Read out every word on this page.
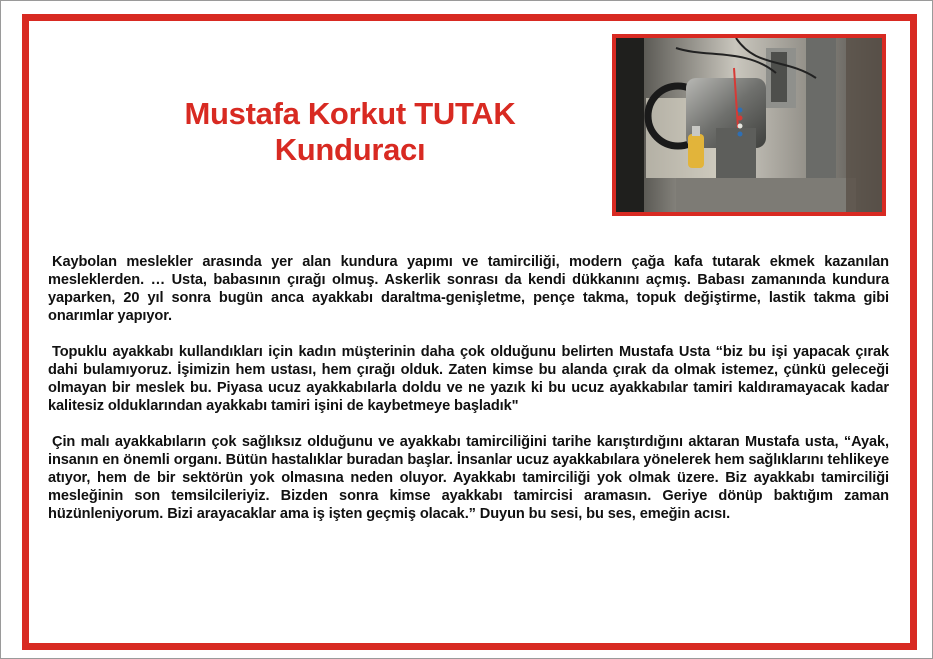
Mustafa Korkut TUTAK
Kunduracı

Kaybolan meslekler arasında yer alan kundura yapımı ve tamirciliği, modern çağa kafa tutarak ekmek kazanılan mesleklerden. … Usta, babasının çırağı olmuş. Askerlik sonrası da kendi dükkanını açmış. Babası zamanında kundura yaparken, 20 yıl sonra bugün anca ayakkabı daraltma-genişletme, pençe takma, topuk değiştirme, lastik takma gibi onarımlar yapıyor.

Topuklu ayakkabı kullandıkları için kadın müşterinin daha çok olduğunu belirten Mustafa Usta “biz bu işi yapacak çırak dahi bulamıyoruz. İşimizin hem ustası, hem çırağı olduk. Zaten kimse bu alanda çırak da olmak istemez, çünkü geleceği olmayan bir meslek bu. Piyasa ucuz ayakkabılarla doldu ve ne yazık ki bu ucuz ayakkabılar tamiri kaldıramayacak kadar kalitesiz olduklarından ayakkabı tamiri işini de kaybetmeye başladık"

Çin malı ayakkabıların çok sağlıksız olduğunu ve ayakkabı tamirciliğini tarihe karıştırdığını aktaran Mustafa usta, “Ayak, insanın en önemli organı. Bütün hastalıklar buradan başlar. İnsanlar ucuz ayakkabılara yönelerek hem sağlıklarını tehlikeye atıyor, hem de bir sektörün yok olmasına neden oluyor. Ayakkabı tamirciliği yok olmak üzere. Biz ayakkabı tamirciliği mesleğinin son temsilcileriyiz. Bizden sonra kimse ayakkabı tamircisi aramasın. Geriye dönüp baktığım zaman hüzünleniyorum. Bizi arayacaklar ama iş işten geçmiş olacak.” Duyun bu sesi, bu ses, emeğin acısı.
